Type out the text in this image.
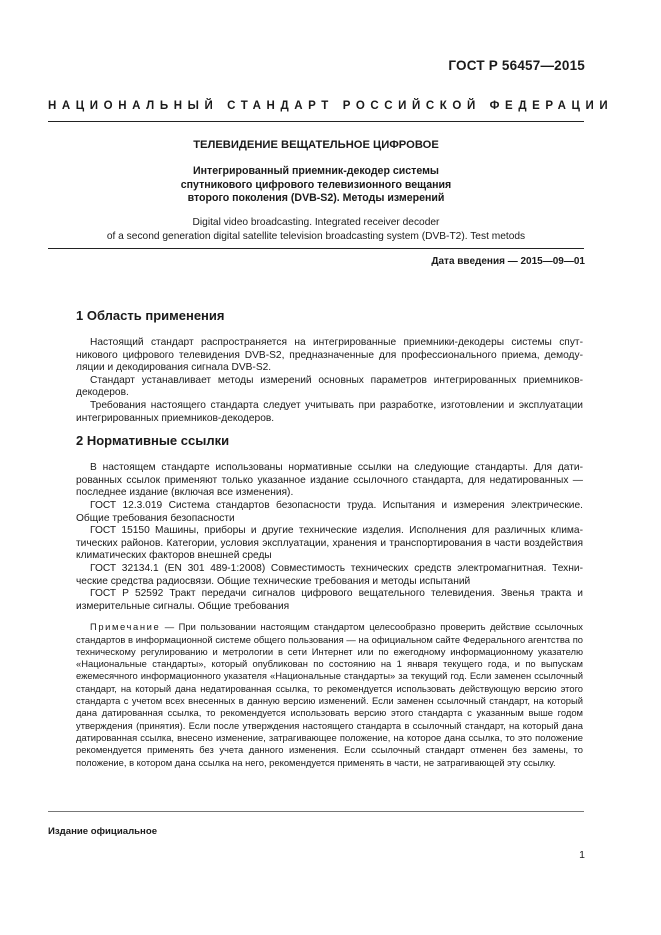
ГОСТ Р 56457—2015
НАЦИОНАЛЬНЫЙ СТАНДАРТ РОССИЙСКОЙ ФЕДЕРАЦИИ
ТЕЛЕВИДЕНИЕ ВЕЩАТЕЛЬНОЕ ЦИФРОВОЕ
Интегрированный приемник-декодер системы
спутникового цифрового телевизионного вещания
второго поколения (DVB-S2). Методы измерений
Digital video broadcasting. Integrated receiver decoder
of a second generation digital satellite television broadcasting system (DVB-T2). Test metods
Дата введения — 2015—09—01
1 Область применения

Настоящий стандарт распространяется на интегрированные приемники-декодеры системы спутникового цифрового телевидения DVB-S2, предназначенные для профессионального приема, демодуляции и декодирования сигнала DVB-S2.

Стандарт устанавливает методы измерений основных параметров интегрированных приемников-декодеров.

Требования настоящего стандарта следует учитывать при разработке, изготовлении и эксплуатации интегрированных приемников-декодеров.

2 Нормативные ссылки

В настоящем стандарте использованы нормативные ссылки на следующие стандарты. Для датированных ссылок применяют только указанное издание ссылочного стандарта, для недатированных — последнее издание (включая все изменения).

ГОСТ 12.3.019 Система стандартов безопасности труда. Испытания и измерения электрические. Общие требования безопасности

ГОСТ 15150 Машины, приборы и другие технические изделия. Исполнения для различных климатических районов. Категории, условия эксплуатации, хранения и транспортирования в части воздействия климатических факторов внешней среды

ГОСТ 32134.1 (EN 301 489-1:2008) Совместимость технических средств электромагнитная. Технические средства радиосвязи. Общие технические требования и методы испытаний

ГОСТ Р 52592 Тракт передачи сигналов цифрового вещательного телевидения. Звенья тракта и измерительные сигналы. Общие требования

Примечание — При пользовании настоящим стандартом целесообразно проверить действие ссылочных стандартов в информационной системе общего пользования — на официальном сайте Федерального агентства по техническому регулированию и метрологии в сети Интернет или по ежегодному информационному указателю «Национальные стандарты», который опубликован по состоянию на 1 января текущего года, и по выпускам ежемесячного информационного указателя «Национальные стандарты» за текущий год. Если заменен ссылочный стандарт, на который дана недатированная ссылка, то рекомендуется использовать действующую версию этого стандарта с учетом всех внесенных в данную версию изменений. Если заменен ссылочный стандарт, на который дана датированная ссылка, то рекомендуется использовать версию этого стандарта с указанным выше годом утверждения (принятия). Если после утверждения настоящего стандарта в ссылочный стандарт, на который дана датированная ссылка, внесено изменение, затрагивающее положение, на которое дана ссылка, то это положение рекомендуется применять без учета данного изменения. Если ссылочный стандарт отменен без замены, то положение, в котором дана ссылка на него, рекомендуется применять в части, не затрагивающей эту ссылку.

Издание официальное
1
